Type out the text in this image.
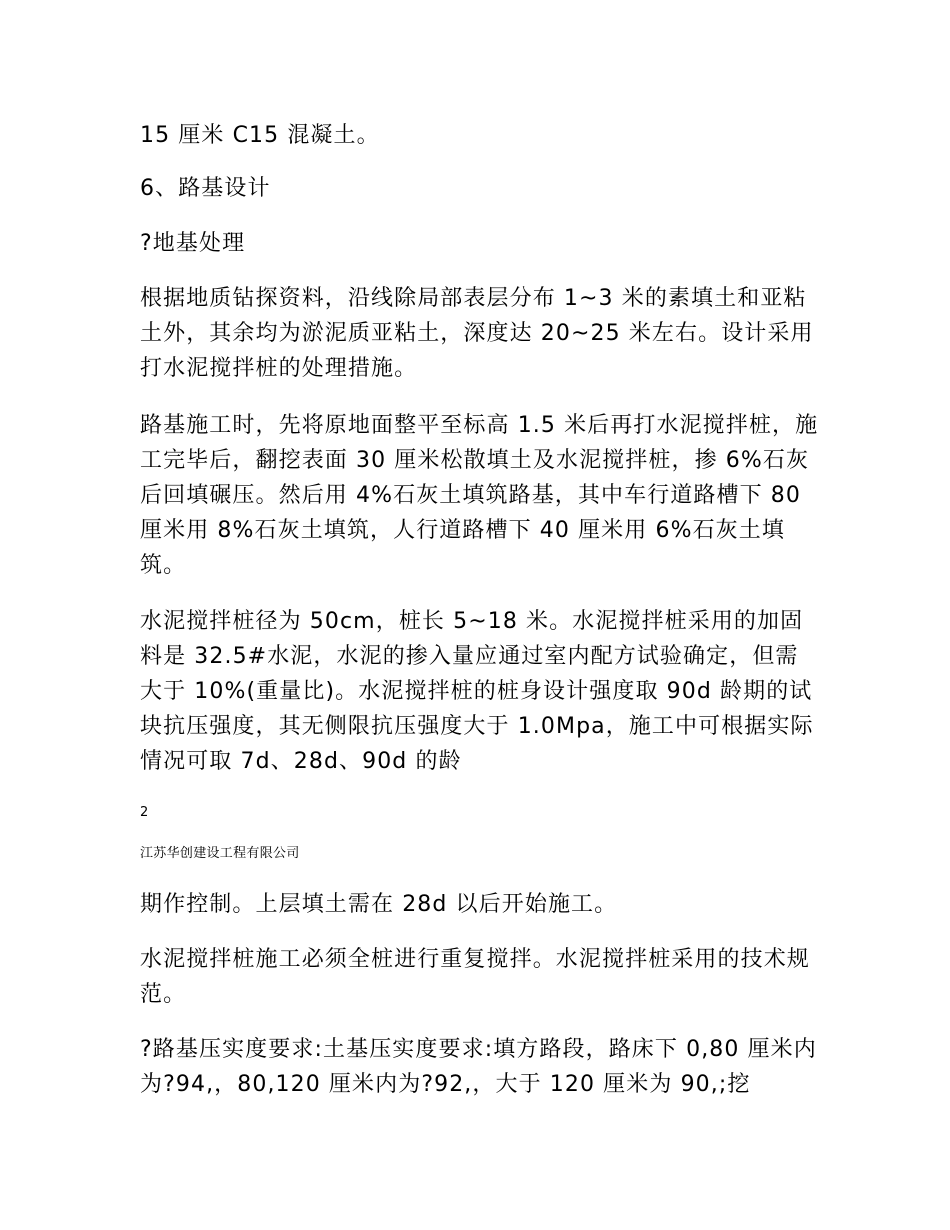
15 厘米 C15 混凝土。

6、路基设计

?地基处理

根据地质钻探资料，沿线除局部表层分布 1~3 米的素填土和亚粘土外，其余均为淤泥质亚粘土，深度达 20~25 米左右。设计采用打水泥搅拌桩的处理措施。

路基施工时，先将原地面整平至标高 1.5 米后再打水泥搅拌桩，施工完毕后，翻挖表面 30 厘米松散填土及水泥搅拌桩，掺 6%石灰后回填碾压。然后用 4%石灰土填筑路基，其中车行道路槽下 80 厘米用 8%石灰土填筑，人行道路槽下 40 厘米用 6%石灰土填筑。

水泥搅拌桩径为 50cm，桩长 5~18 米。水泥搅拌桩采用的加固料是 32.5#水泥，水泥的掺入量应通过室内配方试验确定，但需大于 10%(重量比)。水泥搅拌桩的桩身设计强度取 90d 龄期的试块抗压强度，其无侧限抗压强度大于 1.0Mpa，施工中可根据实际情况可取 7d、28d、90d 的龄

2

江苏华创建设工程有限公司

期作控制。上层填土需在 28d 以后开始施工。

水泥搅拌桩施工必须全桩进行重复搅拌。水泥搅拌桩采用的技术规范。

?路基压实度要求:土基压实度要求:填方路段，路床下 0,80 厘米内为?94,，80,120 厘米内为?92,，大于 120 厘米为 90,;挖
